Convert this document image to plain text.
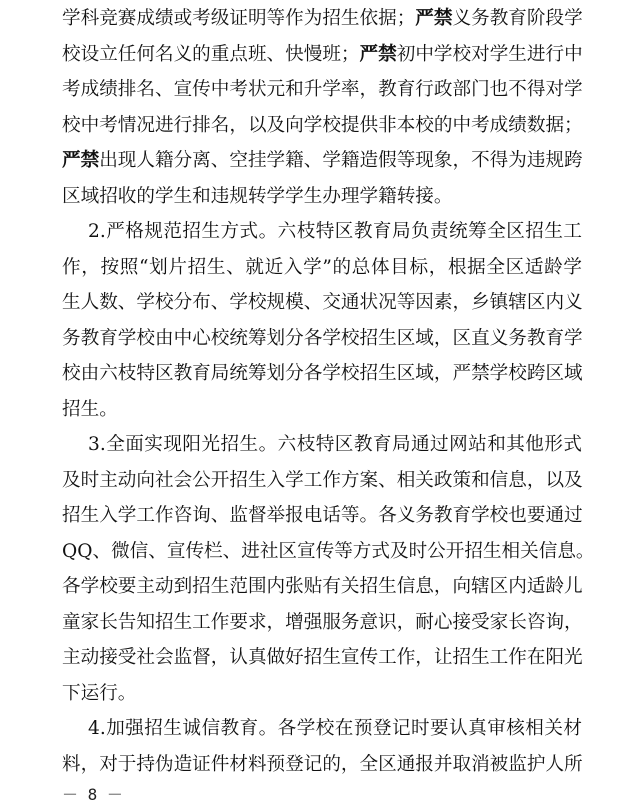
学科竞赛成绩或考级证明等作为招生依据；严禁义务教育阶段学
校设立任何名义的重点班、快慢班；严禁初中学校对学生进行中
考成绩排名、宣传中考状元和升学率，教育行政部门也不得对学
校中考情况进行排名，以及向学校提供非本校的中考成绩数据；
严禁出现人籍分离、空挂学籍、学籍造假等现象，不得为违规跨
区域招收的学生和违规转学学生办理学籍转接。
2.严格规范招生方式。六枝特区教育局负责统筹全区招生工
作，按照“划片招生、就近入学”的总体目标，根据全区适龄学
生人数、学校分布、学校规模、交通状况等因素，乡镇辖区内义
务教育学校由中心校统筹划分各学校招生区域，区直义务教育学
校由六枝特区教育局统筹划分各学校招生区域，严禁学校跨区域
招生。
3.全面实现阳光招生。六枝特区教育局通过网站和其他形式
及时主动向社会公开招生入学工作方案、相关政策和信息，以及
招生入学工作咨询、监督举报电话等。各义务教育学校也要通过
QQ、微信、宣传栏、进社区宣传等方式及时公开招生相关信息。
各学校要主动到招生范围内张贴有关招生信息，向辖区内适龄儿
童家长告知招生工作要求，增强服务意识，耐心接受家长咨询，
主动接受社会监督，认真做好招生宣传工作，让招生工作在阳光
下运行。
4.加强招生诚信教育。各学校在预登记时要认真审核相关材
料，对于持伪造证件材料预登记的，全区通报并取消被监护人所
－ 8 －
